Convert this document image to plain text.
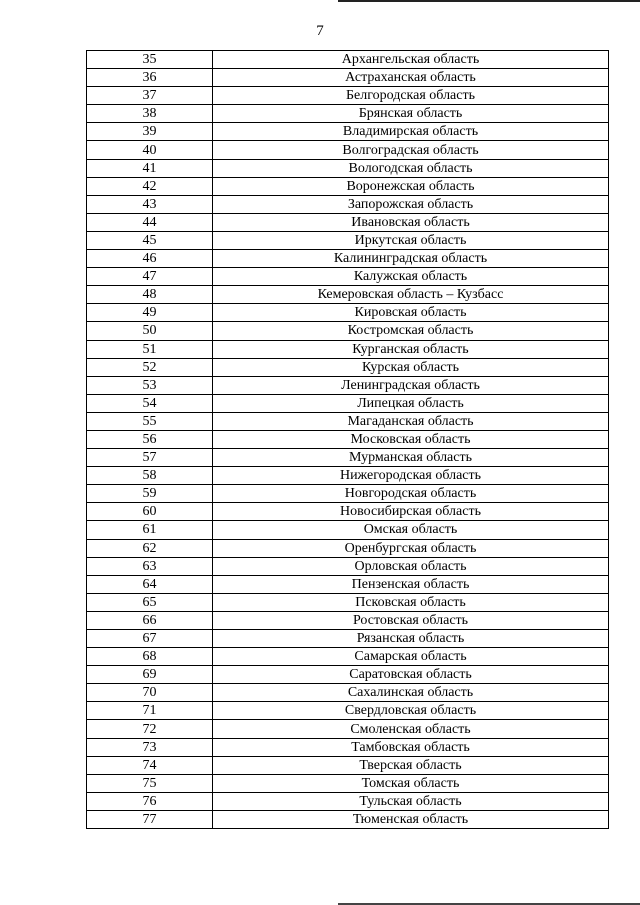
7
35	Архангельская область
36	Астраханская область
37	Белгородская область
38	Брянская область
39	Владимирская область
40	Волгоградская область
41	Вологодская область
42	Воронежская область
43	Запорожская область
44	Ивановская область
45	Иркутская область
46	Калининградская область
47	Калужская область
48	Кемеровская область – Кузбасс
49	Кировская область
50	Костромская область
51	Курганская область
52	Курская область
53	Ленинградская область
54	Липецкая область
55	Магаданская область
56	Московская область
57	Мурманская область
58	Нижегородская область
59	Новгородская область
60	Новосибирская область
61	Омская область
62	Оренбургская область
63	Орловская область
64	Пензенская область
65	Псковская область
66	Ростовская область
67	Рязанская область
68	Самарская область
69	Саратовская область
70	Сахалинская область
71	Свердловская область
72	Смоленская область
73	Тамбовская область
74	Тверская область
75	Томская область
76	Тульская область
77	Тюменская область
